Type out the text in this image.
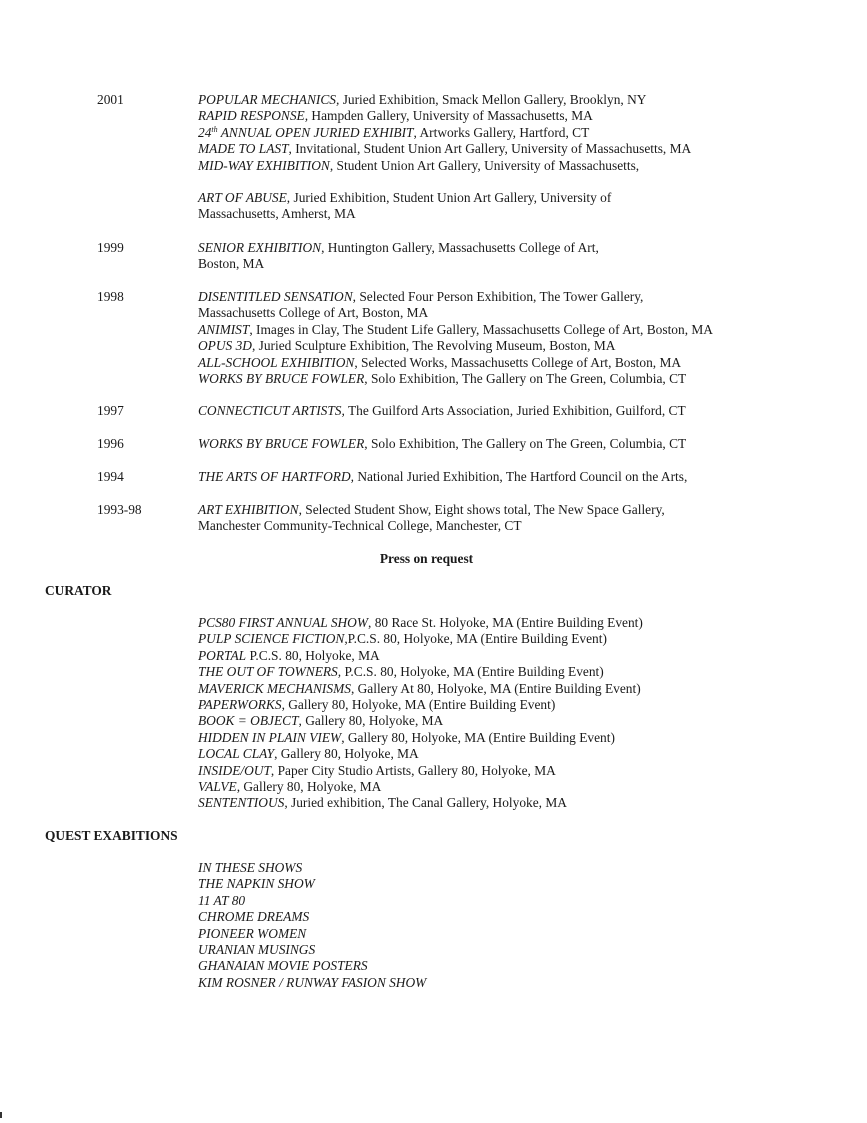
2001	POPULAR MECHANICS, Juried Exhibition, Smack Mellon Gallery, Brooklyn, NY
RAPID RESPONSE, Hampden Gallery, University of Massachusetts, MA
24th ANNUAL OPEN JURIED EXHIBIT, Artworks Gallery, Hartford, CT
MADE TO LAST, Invitational, Student Union Art Gallery, University of Massachusetts, MA
MID-WAY EXHIBITION, Student Union Art Gallery, University of Massachusetts,
ART OF ABUSE, Juried Exhibition, Student Union Art Gallery, University of
Massachusetts, Amherst, MA
1999	SENIOR EXHIBITION, Huntington Gallery, Massachusetts College of Art,
Boston, MA
1998	DISENTITLED SENSATION, Selected Four Person Exhibition, The Tower Gallery,
Massachusetts College of Art, Boston, MA
ANIMIST, Images in Clay, The Student Life Gallery, Massachusetts College of Art, Boston, MA
OPUS 3D, Juried Sculpture Exhibition, The Revolving Museum, Boston, MA
ALL-SCHOOL EXHIBITION, Selected Works, Massachusetts College of Art, Boston, MA
WORKS BY BRUCE FOWLER, Solo Exhibition, The Gallery on The Green, Columbia, CT
1997	CONNECTICUT ARTISTS, The Guilford Arts Association, Juried Exhibition, Guilford, CT
1996	WORKS BY BRUCE FOWLER, Solo Exhibition, The Gallery on The Green, Columbia, CT
1994	THE ARTS OF HARTFORD, National Juried Exhibition, The Hartford Council on the Arts,
1993-98	ART EXHIBITION, Selected Student Show, Eight shows total, The New Space Gallery,
Manchester Community-Technical College, Manchester, CT
Press on request
CURATOR
PCS80 FIRST ANNUAL SHOW, 80 Race St. Holyoke, MA (Entire Building Event)
PULP SCIENCE FICTION,P.C.S. 80, Holyoke, MA (Entire Building Event)
PORTAL P.C.S. 80, Holyoke, MA
THE OUT OF TOWNERS, P.C.S. 80, Holyoke, MA (Entire Building Event)
MAVERICK MECHANISMS, Gallery At 80, Holyoke, MA (Entire Building Event)
PAPERWORKS, Gallery 80, Holyoke, MA (Entire Building Event)
BOOK = OBJECT, Gallery 80, Holyoke, MA
HIDDEN IN PLAIN VIEW, Gallery 80, Holyoke, MA (Entire Building Event)
LOCAL CLAY, Gallery 80, Holyoke, MA
INSIDE/OUT, Paper City Studio Artists, Gallery 80, Holyoke, MA
VALVE, Gallery 80, Holyoke, MA
SENTENTIOUS, Juried exhibition, The Canal Gallery, Holyoke, MA
QUEST EXABITIONS
IN THESE SHOWS
THE NAPKIN SHOW
11 AT 80
CHROME DREAMS
PIONEER WOMEN
URANIAN MUSINGS
GHANAIAN MOVIE POSTERS
KIM ROSNER / RUNWAY FASION SHOW
